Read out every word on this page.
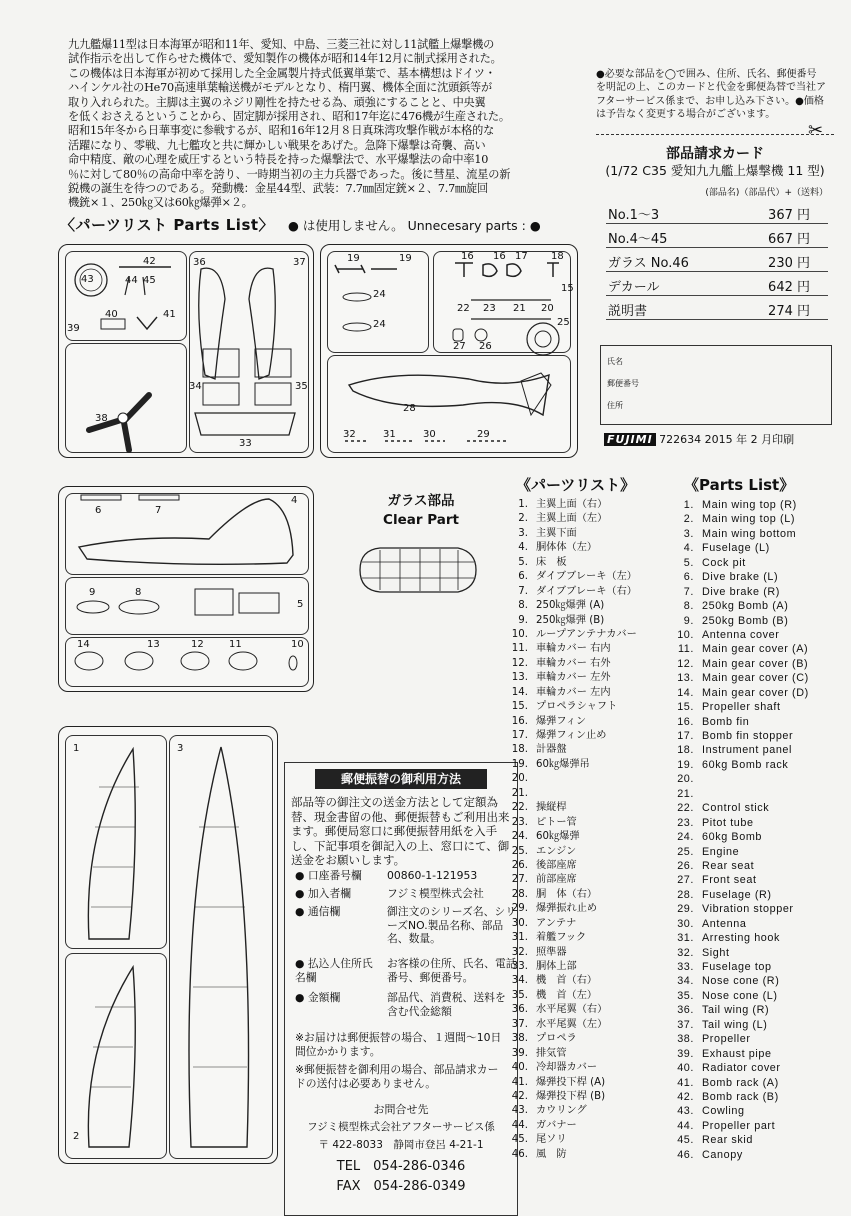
九九艦爆11型は日本海軍が昭和11年、愛知、中島、三菱三社に対し11試艦上爆撃機の
試作指示を出して作らせた機体で、愛知製作の機体が昭和14年12月に制式採用された。
この機体は日本海軍が初めて採用した全金属製片持式低翼単葉で、基本構想はドイツ・
ハインケル社のHe70高速単葉輸送機がモデルとなり、楕円翼、機体全面に沈頭鋲等が
取り入れられた。主脚は主翼のネジリ剛性を持たせる為、頑強にすることと、中央翼
を低くおさえるということから、固定脚が採用され、昭和17年迄に476機が生産された。
昭和15年冬から日華事変に参戦するが、昭和16年12月８日真珠湾攻撃作戦が本格的な
活躍になり、零戦、九七艦攻と共に輝かしい戦果をあげた。急降下爆撃は奇襲、高い
命中精度、敵の心理を威圧するという特長を持った爆撃法で、水平爆撃法の命中率10
％に対して80％の高命中率を誇り、一時期当初の主力兵器であった。後に彗星、流星の新
鋭機の誕生を待つのである。発動機：金星44型、武装：7.7㎜固定銃×２、7.7㎜旋回
機銃×１、250㎏又は60㎏爆弾×２。
〈パーツリスト Parts List〉 ● は使用しません。 Unnecesary parts : ●
43
42
44 45
39
40	41
38
36	37
34	35
33
19	19	16 16 17 18
15
24
24
22 23 21 20
27 26
25
28
32	31	30	29
6	7
4
9	8
5
14	13	12	11	10
ガラス部品
Clear Part
1
2
3
郵便振替の御利用方法
部品等の御注文の送金方法として定額為替、現金書留の他、郵便振替もご利用出来ます。郵便局窓口に郵便振替用紙を入手し、下記事項を御記入の上、窓口にて、御送金をお願いします。
● 口座番号欄 00860-1-121953
● 加入者欄	フジミ模型株式会社
● 通信欄	御注文のシリーズ名、シリーズNO.製品名称、部品名、数量。
● 払込人住所氏名欄
お客様の住所、氏名、電話番号、郵便番号。
● 金額欄	部品代、消費税、送料を含む代金総額
※お届けは郵便振替の場合、１週間〜10日間位かかります。
※郵便振替を御利用の場合、部品請求カードの送付は必要ありません。
お問合せ先
フジミ模型株式会社アフターサービス係
〒 422-8033　静岡市登呂 4-21-1
TEL　054-286-0346
FAX　054-286-0349
●必要な部品を◯で囲み、住所、氏名、郵便番号を明記の上、このカードと代金を郵便為替で当社アフターサービス係まで、お申し込み下さい。●価格は予告なく変更する場合がございます。
✂
部品請求カード
(1/72 C35 愛知九九艦上爆撃機 11 型)
(部品名)（部品代）+（送料）
No.1〜3	367 円
No.4〜45	667 円
ガラス No.46	230 円
デカール	642 円
説明書	274 円
氏名
郵便番号
住所
FUJIMI 722634 2015 年 2 月印刷
《パーツリスト》	《Parts List》
1. 主翼上面（右）
2. 主翼上面（左）
3. 主翼下面
4. 胴体体（左）
5. 床　板
6. ダイブブレーキ（左）
7. ダイブブレーキ（右）
8. 250㎏爆弾 (A)
9. 250㎏爆弾 (B)
10. ループアンテナカバー
11. 車輪カバー 右内
12. 車輪カバー 右外
13. 車輪カバー 左外
14. 車輪カバー 左内
15. プロペラシャフト
16. 爆弾フィン
17. 爆弾フィン止め
18. 計器盤
19. 60㎏爆弾吊
20.
21.
22. 操縦桿
23. ピトー管
24. 60㎏爆弾
25. エンジン
26. 後部座席
27. 前部座席
28. 胴　体（右）
29. 爆弾振れ止め
30. アンテナ
31. 着艦フック
32. 照準器
33. 胴体上部
34. 機　首（右）
35. 機　首（左）
36. 水平尾翼（右）
37. 水平尾翼（左）
38. プロペラ
39. 排気管
40. 冷却器カバー
41. 爆弾投下桿 (A)
42. 爆弾投下桿 (B)
43. カウリング
44. ガバナー
45. 尾ソリ
46. 風　防
1. Main wing top (R)
2. Main wing top (L)
3. Main wing bottom
4. Fuselage (L)
5. Cock pit
6. Dive brake (L)
7. Dive brake (R)
8. 250kg Bomb (A)
9. 250kg Bomb (B)
10. Antenna cover
11. Main gear cover (A)
12. Main gear cover (B)
13. Main gear cover (C)
14. Main gear cover (D)
15. Propeller shaft
16. Bomb fin
17. Bomb fin stopper
18. Instrument panel
19. 60kg Bomb rack
20.
21.
22. Control stick
23. Pitot tube
24. 60kg Bomb
25. Engine
26. Rear seat
27. Front seat
28. Fuselage (R)
29. Vibration stopper
30. Antenna
31. Arresting hook
32. Sight
33. Fuselage top
34. Nose cone (R)
35. Nose cone (L)
36. Tail wing (R)
37. Tail wing (L)
38. Propeller
39. Exhaust pipe
40. Radiator cover
41. Bomb rack (A)
42. Bomb rack (B)
43. Cowling
44. Propeller part
45. Rear skid
46. Canopy
